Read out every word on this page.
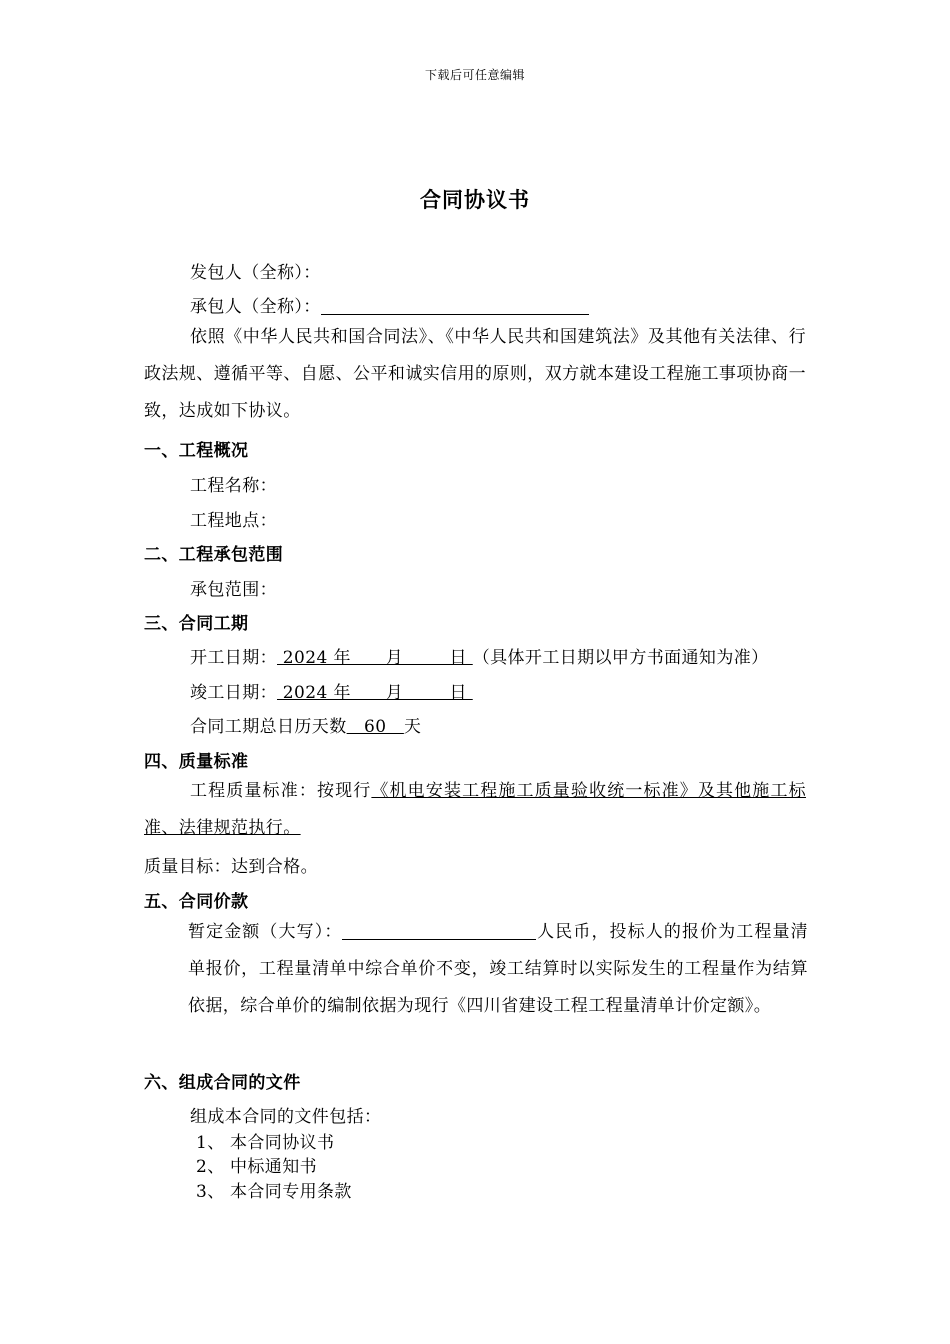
下载后可任意编辑
合同协议书
发包人（全称）：
承包人（全称）：
依照《中华人民共和国合同法》、《中华人民共和国建筑法》及其他有关法律、行政法规、遵循平等、自愿、公平和诚实信用的原则，双方就本建设工程施工事项协商一致，达成如下协议。
一、工程概况
工程名称：
工程地点：
二、工程承包范围
承包范围：
三、合同工期
开工日期： 2024 年      月        日 （具体开工日期以甲方书面通知为准）
竣工日期： 2024 年      月        日
合同工期总日历天数   60   天
四、质量标准
工程质量标准：按现行《机电安装工程施工质量验收统一标准》及其他施工标准、法律规范执行。
质量目标：达到合格。
五、合同价款
暂定金额（大写）：	人民币，投标人的报价为工程量清单报价，工程量清单中综合单价不变，竣工结算时以实际发生的工程量作为结算依据，综合单价的编制依据为现行《四川省建设工程工程量清单计价定额》。
六、组成合同的文件
组成本合同的文件包括：
1、 本合同协议书
2、 中标通知书
3、 本合同专用条款
